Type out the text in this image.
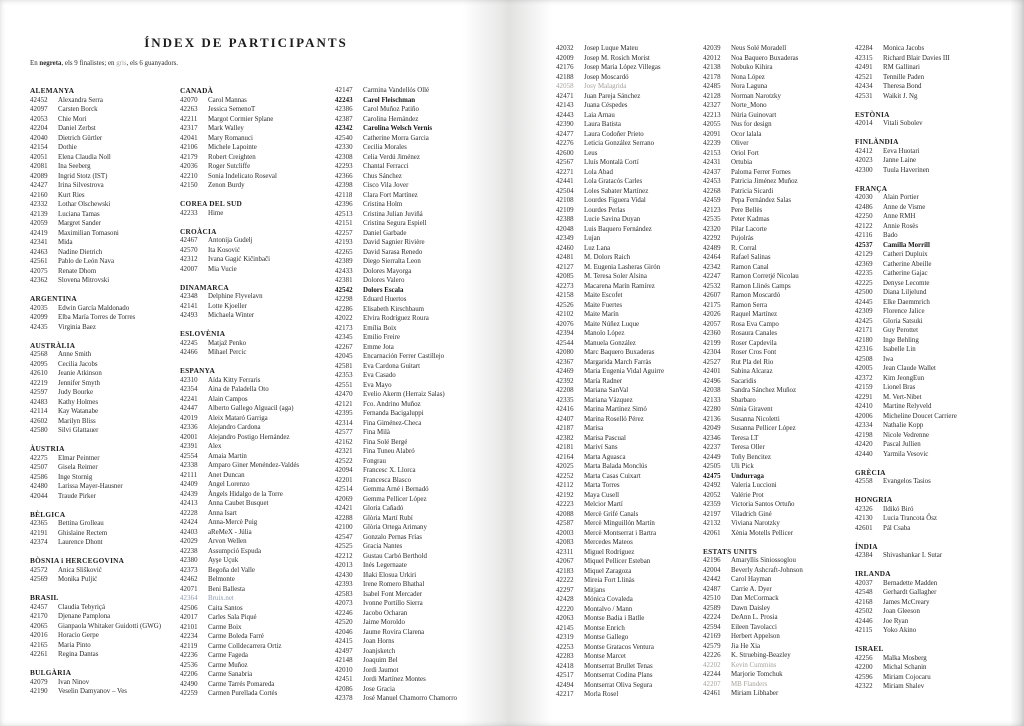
ÍNDEX DE PARTICIPANTS
En negreta, els 9 finalistes; en gris, els 6 guanyadors.
ALEMANYA
42452	Alexandra Serra
42097	Carsten Borck
42053	Chie Mori
42204	Daniel Zerbst
42040	Dietrich Gürtler
42154	Dothie
42051	Elena Claudia Noll
42081	Ina Seeberg
42089	Ingrid Stotz (IST)
42427	Irina Silvestrova
42160	Kurt Ries
42332	Lothar Olschewski
42139	Luciana Tamas
42059	Margret Sander
42419	Maximilian Tomasoni
42341	Mida
42463	Nadine Dietrich
42561	Pablo de León Nava
42075	Renate Dhom
42362	Slovena Mitrovski
ARGENTINA
42035	Edwin García Maldonado
42099	Elba María Torres de Torres
42435	Virginia Baez
AUSTRÀLIA
42568	Anne Smith
42095	Cecilia Jacobs
42610	Jeanie Atkinson
42219	Jennifer Smyth
42597	Judy Bourke
42483	Kathy Holmes
42114	Kay Watanabe
42602	Marilyn Bliss
42580	Silvi Glattauer
ÀUSTRIA
42275	Elmar Peintner
42507	Gisela Reimer
42586	Inge Stornig
42480	Larissa Mayer-Hausner
42044	Traude Pirker
BÈLGICA
42365	Bettina Grolleau
42191	Ghislaine Rectem
42374	Laurence Dhont
BÒSNIA i HERCEGOVINA
42572	Anica Slišković
42569	Monika Puljić
BRASIL
42457	Claudia Tebyriçá
42170	Djenane Pamplona
42065	Gianpaola Whitaker Guidotti (GWG)
42016	Horacio Gerpe
42165	Maria Pinto
42261	Regina Dantas
BULGÀRIA
42079	Ivan Ninov
42190	Veselin Damyanov – Ves
CANADÀ
42070	Carol Mannas
42263	Jessica SemenoT
42211	Margot Cormier Splane
42317	Mark Walley
42041	Mary Romanuci
42106	Michele Lapointe
42179	Robert Creighten
42036	Roger Sutcliffe
42210	Sonia Indelicato Roseval
42150	Zenon Burdy
COREA DEL SUD
42233	Hime
CROÀCIA
42467	Antonija Gudelj
42570	Ita Kosović
42312	Ivana Gagić Kičinbači
42007	Mia Vucie
DINAMARCA
42348	Delphine Flyvelavn
42141	Lotte Kjoeller
42493	Michaela Winter
ESLOVÈNIA
42245	Matjaž Penko
42466	Mihael Percic
ESPANYA
42310	Aída Kitty Ferraris
42354	Aina de Paladella Oto
42241	Alain Campos
42447	Alberto Gallego Alguacil (aga)
42019	Aleix Mataró Garriga
42336	Alejandro Cardona
42001	Alejandro Postigo Hernández
42391	Alex
42554	Amaia Martin
42338	Amparo Giner Menéndez-Valdés
42111	Anet Duncan
42409	Angel Lorenzo
42439	Àngels Hidalgo de la Torre
42413	Anna Caubet Busquet
42228	Anna Isart
42424	Anna-Mercè Puig
42403	aReMeX - Júlia
42029	Arvon Wellen
42238	Assumpció Espuda
42380	Ayşe Uçuk
42373	Begoña del Valle
42462	Belmonte
42071	Beni Ballesta
42364	Bruix.net
42506	Caita Santos
42017	Carles Sala Piqué
42101	Carme Boix
42234	Carme Boleda Farré
42119	Carme Colldecarrera Ortiz
42236	Carme Fageda
42536	Carme Muñoz
42206	Carme Sanabria
42490	Carme Tarrés Pomareda
42259	Carmen Purellada Cortés
42147	Carmina Vandellós Ollé
42243	Carol Fleischman
42386	Carol Muñoz Patiño
42387	Carolina Hernández
42342	Carolina Welsch Vernis
42540	Catherine Morra Garcia
42330	Cecilia Morales
42308	Celia Verdú Jiménez
42293	Chantal Ferracci
42366	Chus Sánchez
42398	Cisco Vila Jover
42118	Clara Fort Martínez
42396	Cristina Holm
42513	Cristina Julian Juviñá
42151	Cristina Segura Espiell
42257	Daniel Garbade
42193	David Sagnier Rivière
42265	David Sarasa Renedo
42389	Diego Sierralta Leon
42433	Dolores Mayorga
42381	Dolores Valero
42542	Dolors Escala
42298	Eduard Huertos
42286	Elisabeth Kirschbaum
42022	Elvira Rodríguez Roura
42173	Emília Boix
42345	Emilio Freire
42267	Emme Jota
42045	Encarnación Ferrer Castillejo
42581	Eva Cardona Guitart
42353	Eva Casado
42551	Eva Mayo
42470	Evelio Akerm (Herraiz Salas)
42121	Fco. Andrino Muñoz
42395	Fernanda Bacigaluppi
42314	Fina Giménez-Checa
42577	Fina Milà
42162	Fina Solé Bergé
42321	Fina Tuneu Alabró
42522	Fongrau
42094	Francesc X. Llorca
42201	Francesca Blasco
42514	Gemma Arné i Bernadó
42069	Gemma Pellicer López
42421	Gloria Cañadó
42288	Glòria Martí Rubí
42100	Glòria Ortega Arimany
42547	Gonzalo Pernas Frías
42525	Gracia Nantes
42212	Gustau Carbó Berthold
42013	Inés Legernaate
42430	Iñaki Elosua Urkiri
42393	Irene Romero Bhathal
42583	Isabel Font Mercader
42073	Ivonne Portillo Sierra
42246	Jacobo Ocharan
42520	Jaime Moroldo
42046	Jaume Rovira Clarena
42415	Joan Horns
42497	Joanjsketch
42148	Joaquim Bel
42010	Jordi Jaumot
42451	Jordi Martínez Montes
42086	Jose Gracia
42378	José Manuel Chamorro Chamorro
42032	Josep Luque Mateu
42009	Josep M. Rosich Morist
42176	Josep Maria López Villegas
42188	Josep Moscardó
42058	Josy Malagrida
42471	Juan Pareja Sánchez
42143	Juana Céspedes
42443	Laia Arnau
42390	Laura Batista
42477	Laura Codoñer Prieto
42276	Leticia González Serrano
42600	Leus
42567	Lluís Montalà Cortí
42271	Lola Abad
42441	Lola Gratacós Carles
42504	Loles Sabater Martínez
42108	Lourdes Figuera Vidal
42109	Lourdes Perlas
42388	Lucie Savina Duyan
42048	Luis Baquero Fernández
42349	Lujan
42460	Luz Lana
42481	M. Dolors Raich
42127	M. Eugenia Lasheras Girón
42085	M. Teresa Soler Alsina
42273	Macarena Marín Ramírez
42158	Maite Escofet
42526	Maite Fuertes
42102	Maite Marín
42076	Maite Núñez Luque
42394	Manolo López
42544	Manuela González
42080	Marc Baquero Buxaderas
42367	Margarida March Farràs
42469	Maria Eugenia Vidal Aguirre
42392	María Radner
42208	Mariana SanVal
42335	Mariana Vázquez
42416	Marina Martínez Simó
42407	Marina Roselló Pérez
42187	Marisa
42382	Marisa Pascual
42181	Mariví Sans
42164	Marta Aguasca
42025	Marta Balada Monclús
42252	Marta Casas Cuixart
42112	Marta Torres
42192	Maya Cusell
42223	Melcior Martí
42088	Mercè Grifé Canals
42587	Mercè Minguillón Martín
42003	Mercè Montserrat i Bartra
42083	Mercedes Mateos
42311	Miguel Rodríguez
42067	Miquel Pellicer Esteban
42183	Miquel Zaragoza
42222	Mireia Fort Llinàs
42297	Mitjans
42428	Mónica Covaleda
42220	Montalvo / Mann
42063	Montse Badia i Batlle
42145	Montse Enrich
42319	Montse Gallego
42253	Montse Gratacos Ventura
42283	Montse Marcet
42418	Montserrat Brullet Tenas
42517	Montserrat Codina Plans
42494	Montserrat Oliva Segura
42217	Morla Rosel
42039	Neus Solé Moradell
42012	Noa Baquero Buxaderas
42138	Nobuko Kihira
42178	Nona López
42485	Nora Laguna
42128	Norman Narotzky
42327	Norte_Mono
42213	Núria Guinovart
42055	Nus for design
42091	Ocor lalala
42239	Oliver
42153	Oriol Fort
42431	Ortubia
42437	Paloma Ferrer Fornes
42453	Patricia Jiménez Muñoz
42268	Patricia Sicardi
42459	Pepa Fernández Salas
42123	Pere Bellès
42535	Peter Kadmas
42320	Pilar Lacorte
42292	Pujolràs
42489	R. Corral
42464	Rafael Salinas
42342	Ramon Canal
42247	Ramon Corretjé Nicolau
42532	Ramon Llinés Camps
42607	Ramon Moscardó
42175	Ramon Serra
42026	Raquel Martínez
42057	Rosa Eva Campo
42360	Rosaura Canales
42199	Roser Capdevila
42304	Roser Cros Font
42527	Rut Pla del Rio
42401	Sabina Alcaraz
42496	Sacaridis
42038	Sandra Sánchez Muñoz
42133	Sbarbaro
42280	Sònia Giravent
42136	Susanna Nicoletti
42049	Susanna Pellicer López
42346	Teresa LT
42237	Teresa Oller
42449	Toñy Bencitez
42505	Uli Pick
42475	Undurraga
42492	Valeria Luccioni
42052	Valérie Prot
42359	Victoria Santos Ortuño
42197	Viladrich Giné
42132	Viviana Narotzky
42061	Xènia Motells Pellicer
ESTATS UNITS
42196	Amaryllis Siniossoglou
42004	Beverly Ashcraft-Johnson
42442	Carol Hayman
42487	Carrie A. Dyer
42510	Dan McCormack
42589	Dawn Daisley
42224	DeAnn L. Prosia
42594	Eileen Tavolacci
42169	Herbert Appelson
42579	Jia He Xia
42226	K. Struebing-Beazley
42202	Kevin Cummins
42244	Marjorie Tomchuk
42207	MB Flanders
42461	Miriam Libhaber
42284	Monica Jacobs
42315	Richard Blair Davies III
42491	RM Gallinari
42521	Tennille Paden
42434	Theresa Bond
42531	Waikit J. Ng
ESTÒNIA
42014	Vitali Sobolev
FINLÀNDIA
42412	Eeva Huotari
42023	Janne Laine
42300	Tuula Haverinen
FRANÇA
42030	Alain Portier
42486	Anne de Visme
42250	Anne RMH
42122	Annie Rosès
42116	Bado
42537	Camilla Morrill
42129	Catheri Dupluix
42369	Catherine Abeille
42235	Catherine Gajac
42225	Denyse Lecomte
42500	Diana Liljelund
42445	Elke Daemmrich
42309	Florence Jalice
42425	Gloria Satsuki
42171	Guy Perottet
42180	Inge Behling
42316	Isabelle Lin
42508	Iwa
42005	Jean Claude Wallet
42372	Kim JeongEun
42159	Lionel Bras
42291	M. Vert-Nibet
42410	Martine Relyveld
42006	Micheline Doucet Carriere
42334	Nathalie Kopp
42198	Nicole Vedrenne
42420	Pascal Jullien
42440	Yarmila Vesovic
GRÈCIA
42558	Evangelos Tasios
HONGRIA
42326	Ildikó Biró
42130	Lucia Trancota Ősz
42601	Pál Csaba
ÍNDIA
42384	Shivashankar I. Sutar
IRLANDA
42037	Bernadette Madden
42548	Gerhardt Gallagher
42168	James McCreary
42502	Joan Gleeson
42446	Joe Ryan
42115	Yoko Akino
ISRAEL
42256	Malka Mosberg
42200	Michal Schanin
42596	Miriam Cojocaru
42322	Miriam Shalev
